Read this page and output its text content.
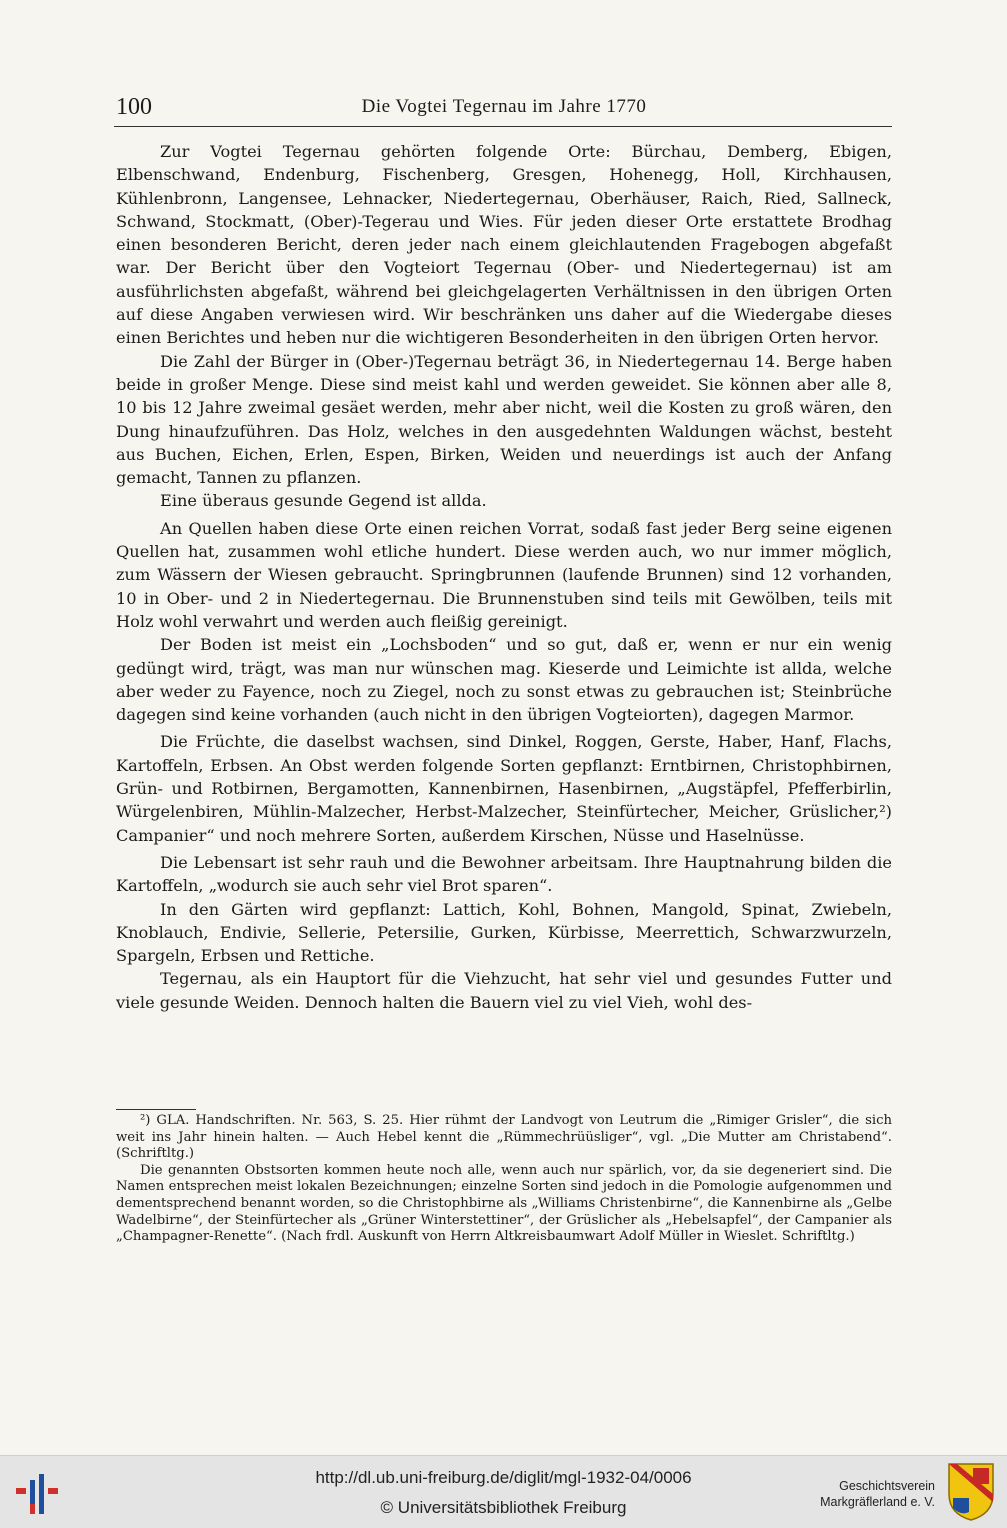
100	Die Vogtei Tegernau im Jahre 1770

Zur Vogtei Tegernau gehörten folgende Orte: Bürchau, Demberg, Ebigen, Elbenschwand, Endenburg, Fischenberg, Gresgen, Hohenegg, Holl, Kirchhausen, Kühlenbronn, Langensee, Lehnacker, Niedertegernau, Oberhäuser, Raich, Ried, Sallneck, Schwand, Stockmatt, (Ober)-Tegerau und Wies. Für jeden dieser Orte erstattete Brodhag einen besonderen Bericht, deren jeder nach einem gleichlautenden Fragebogen abgefaßt war. Der Bericht über den Vogteiort Tegernau (Ober- und Niedertegernau) ist am ausführlichsten abgefaßt, während bei gleichgelagerten Verhältnissen in den übrigen Orten auf diese Angaben verwiesen wird. Wir beschränken uns daher auf die Wiedergabe dieses einen Berichtes und heben nur die wichtigeren Besonderheiten in den übrigen Orten hervor.

Die Zahl der Bürger in (Ober-)Tegernau beträgt 36, in Niedertegernau 14. Berge haben beide in großer Menge. Diese sind meist kahl und werden geweidet. Sie können aber alle 8, 10 bis 12 Jahre zweimal gesäet werden, mehr aber nicht, weil die Kosten zu groß wären, den Dung hinaufzuführen. Das Holz, welches in den ausgedehnten Waldungen wächst, besteht aus Buchen, Eichen, Erlen, Espen, Birken, Weiden und neuerdings ist auch der Anfang gemacht, Tannen zu pflanzen.

Eine überaus gesunde Gegend ist allda.

An Quellen haben diese Orte einen reichen Vorrat, sodaß fast jeder Berg seine eigenen Quellen hat, zusammen wohl etliche hundert. Diese werden auch, wo nur immer möglich, zum Wässern der Wiesen gebraucht. Springbrunnen (laufende Brunnen) sind 12 vorhanden, 10 in Ober- und 2 in Niedertegernau. Die Brunnenstuben sind teils mit Gewölben, teils mit Holz wohl verwahrt und werden auch fleißig gereinigt.

Der Boden ist meist ein „Lochsboden“ und so gut, daß er, wenn er nur ein wenig gedüngt wird, trägt, was man nur wünschen mag. Kieserde und Leimichte ist allda, welche aber weder zu Fayence, noch zu Ziegel, noch zu sonst etwas zu gebrauchen ist; Steinbrüche dagegen sind keine vorhanden (auch nicht in den übrigen Vogteiorten), dagegen Marmor.

Die Früchte, die daselbst wachsen, sind Dinkel, Roggen, Gerste, Haber, Hanf, Flachs, Kartoffeln, Erbsen. An Obst werden folgende Sorten gepflanzt: Erntbirnen, Christophbirnen, Grün- und Rotbirnen, Bergamotten, Kannenbirnen, Hasenbirnen, „Augstäpfel, Pfefferbirlin, Würgelenbiren, Mühlin-Malzecher, Herbst-Malzecher, Steinfürtecher, Meicher, Grüslicher,²) Campanier“ und noch mehrere Sorten, außerdem Kirschen, Nüsse und Haselnüsse.

Die Lebensart ist sehr rauh und die Bewohner arbeitsam. Ihre Hauptnahrung bilden die Kartoffeln, „wodurch sie auch sehr viel Brot sparen“.

In den Gärten wird gepflanzt: Lattich, Kohl, Bohnen, Mangold, Spinat, Zwiebeln, Knoblauch, Endivie, Sellerie, Petersilie, Gurken, Kürbisse, Meerrettich, Schwarzwurzeln, Spargeln, Erbsen und Rettiche.

Tegernau, als ein Hauptort für die Viehzucht, hat sehr viel und gesundes Futter und viele gesunde Weiden. Dennoch halten die Bauern viel zu viel Vieh, wohl des-

²) GLA. Handschriften. Nr. 563, S. 25. Hier rühmt der Landvogt von Leutrum die „Rimiger Grisler“, die sich weit ins Jahr hinein halten. — Auch Hebel kennt die „Rümmechrüüsliger“, vgl. „Die Mutter am Christabend“. (Schriftltg.)

Die genannten Obstsorten kommen heute noch alle, wenn auch nur spärlich, vor, da sie degeneriert sind. Die Namen entsprechen meist lokalen Bezeichnungen; einzelne Sorten sind jedoch in die Pomologie aufgenommen und dementsprechend benannt worden, so die Christophbirne als „Williams Christenbirne“, die Kannenbirne als „Gelbe Wadelbirne“, der Steinfürtecher als „Grüner Winterstettiner“, der Grüslicher als „Hebelsapfel“, der Campanier als „Champagner-Renette“. (Nach frdl. Auskunft von Herrn Altkreisbaumwart Adolf Müller in Wieslet. Schriftltg.)

http://dl.ub.uni-freiburg.de/diglit/mgl-1932-04/0006
© Universitätsbibliothek Freiburg
Geschichtsverein
Markgräflerland e. V.
